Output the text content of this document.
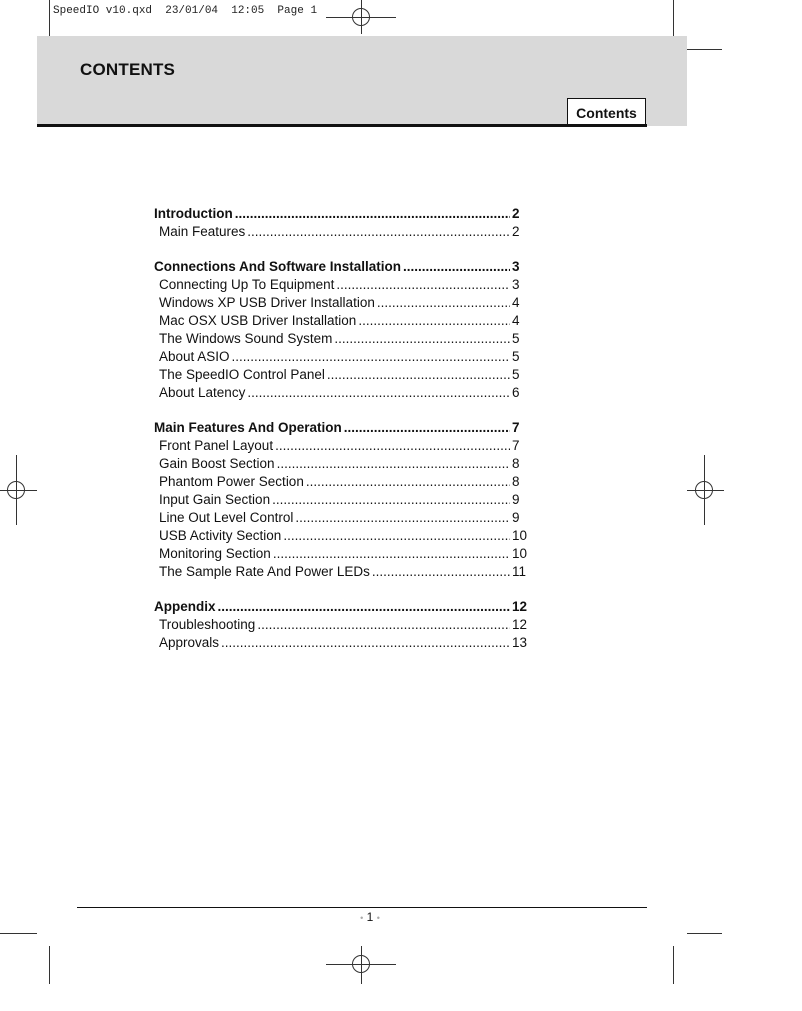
SpeedIO v10.qxd  23/01/04  12:05  Page 1
CONTENTS
Contents
Introduction .....	2
Main Features .....	2
Connections And Software Installation .....	3
Connecting Up To Equipment .....	3
Windows XP USB Driver Installation .....	4
Mac OSX USB Driver Installation .....	4
The Windows Sound System .....	5
About ASIO .....	5
The SpeedIO Control Panel .....	5
About Latency .....	6
Main Features And Operation .....	7
Front Panel Layout .....	7
Gain Boost Section .....	8
Phantom Power Section .....	8
Input Gain Section .....	9
Line Out Level Control .....	9
USB Activity Section .....	10
Monitoring Section .....	10
The Sample Rate And Power LEDs .....	11
Appendix .....	12
Troubleshooting .....	12
Approvals .....	13
• 1 •
